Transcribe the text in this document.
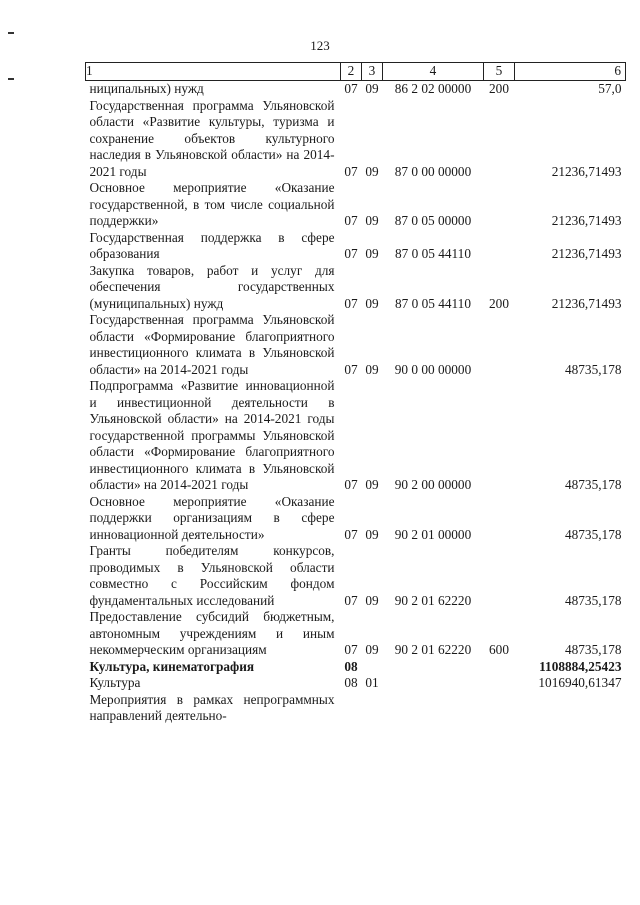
123
1	2	3	4	5	6
ниципальных) нужд	07	09	86 2 02 00000	200	57,0
Государственная программа Ульяновской области «Развитие культуры, туризма и сохранение объектов культурного наследия в Ульяновской области» на 2014-2021 годы	07	09	87 0 00 00000		21236,71493
Основное мероприятие «Оказание государственной, в том числе социальной поддержки»	07	09	87 0 05 00000		21236,71493
Государственная поддержка в сфере образования	07	09	87 0 05 44110		21236,71493
Закупка товаров, работ и услуг для обеспечения государственных (муниципальных) нужд	07	09	87 0 05 44110	200	21236,71493
Государственная программа Ульяновской области «Формирование благоприятного инвестиционного климата в Ульяновской области» на 2014-2021 годы	07	09	90 0 00 00000		48735,178
Подпрограмма «Развитие инновационной и инвестиционной деятельности в Ульяновской области» на 2014-2021 годы государственной программы Ульяновской области «Формирование благоприятного инвестиционного климата в Ульяновской области» на 2014-2021 годы	07	09	90 2 00 00000		48735,178
Основное мероприятие «Оказание поддержки организациям в сфере инновационной деятельности»	07	09	90 2 01 00000		48735,178
Гранты победителям конкурсов, проводимых в Ульяновской области совместно с Российским фондом фундаментальных исследований	07	09	90 2 01 62220		48735,178
Предоставление субсидий бюджетным, автономным учреждениям и иным некоммерческим организациям	07	09	90 2 01 62220	600	48735,178
Культура, кинематография	08				1108884,25423
Культура	08	01			1016940,61347
Мероприятия в рамках непрограммных направлений деятельно-					
